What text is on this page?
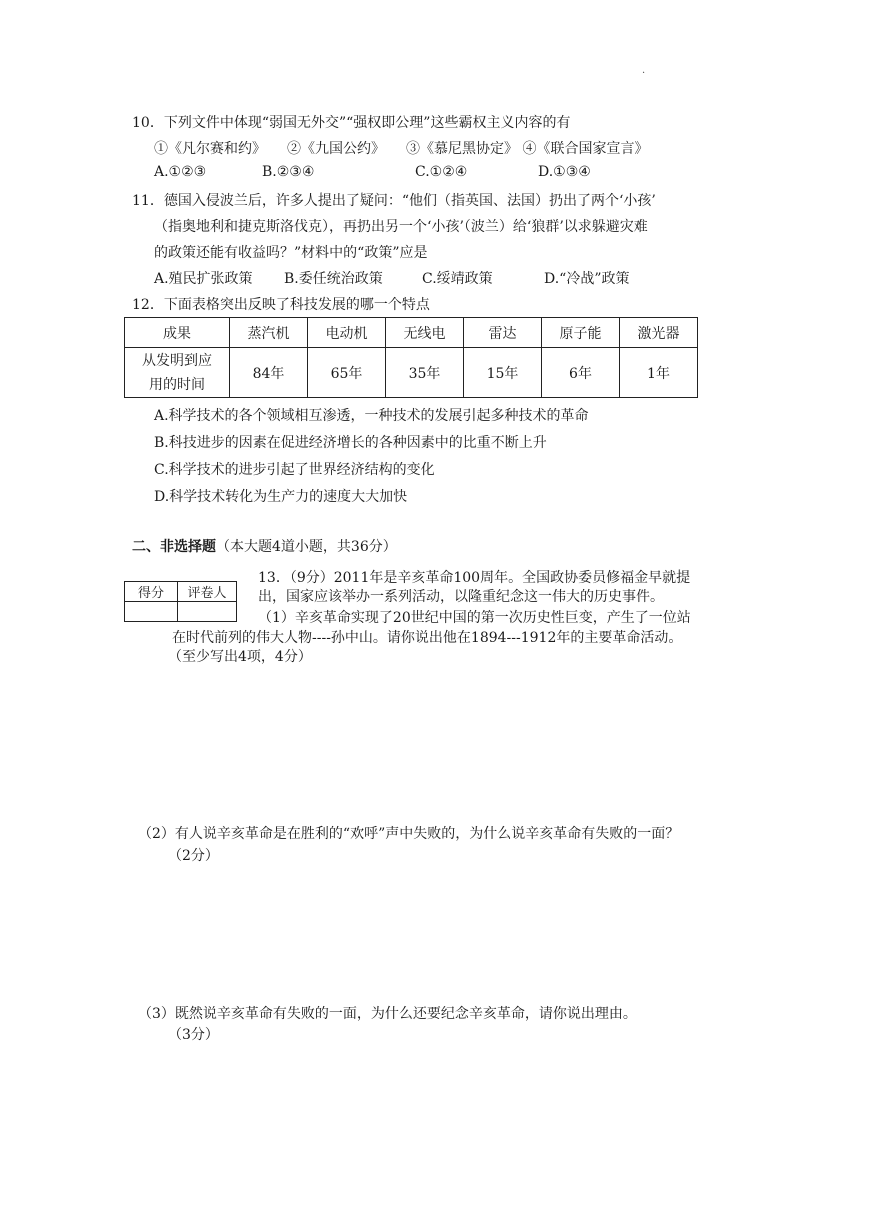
·
10．下列文件中体现“弱国无外交”“强权即公理”这些霸权主义内容的有
①《凡尔赛和约》　　②《九国公约》　　③《慕尼黑协定》 ④《联合国家宣言》
A.①②③	B.②③④	C.①②④	D.①③④
11．德国入侵波兰后，许多人提出了疑问：“他们（指英国、法国）扔出了两个‘小孩’
（指奥地利和捷克斯洛伐克），再扔出另一个‘小孩’（波兰）给‘狼群’以求躲避灾难
的政策还能有收益吗？”材料中的“政策”应是
A.殖民扩张政策 B.委任统治政策	C.绥靖政策	D.“冷战”政策
12．下面表格突出反映了科技发展的哪一个特点
成果	蒸汽机	电动机	无线电	雷达	原子能	激光器

从发明到应
用的时间	84年	65年	35年	15年	6年	1年
A.科学技术的各个领域相互渗透，一种技术的发展引起多种技术的革命
B.科技进步的因素在促进经济增长的各种因素中的比重不断上升
C.科学技术的进步引起了世界经济结构的变化
D.科学技术转化为生产力的速度大大加快
二、非选择题（本大题4道小题，共36分）
得分	评卷人

13．（9分）2011年是辛亥革命100周年。全国政协委员修福金早就提
出，国家应该举办一系列活动，以隆重纪念这一伟大的历史事件。
（1）辛亥革命实现了20世纪中国的第一次历史性巨变，产生了一位站
在时代前列的伟大人物----孙中山。请你说出他在1894---1912年的主要革命活动。
（至少写出4项，4分）
（2）有人说辛亥革命是在胜利的“欢呼”声中失败的，为什么说辛亥革命有失败的一面？
（2分）
（3）既然说辛亥革命有失败的一面，为什么还要纪念辛亥革命，请你说出理由。
（3分）
